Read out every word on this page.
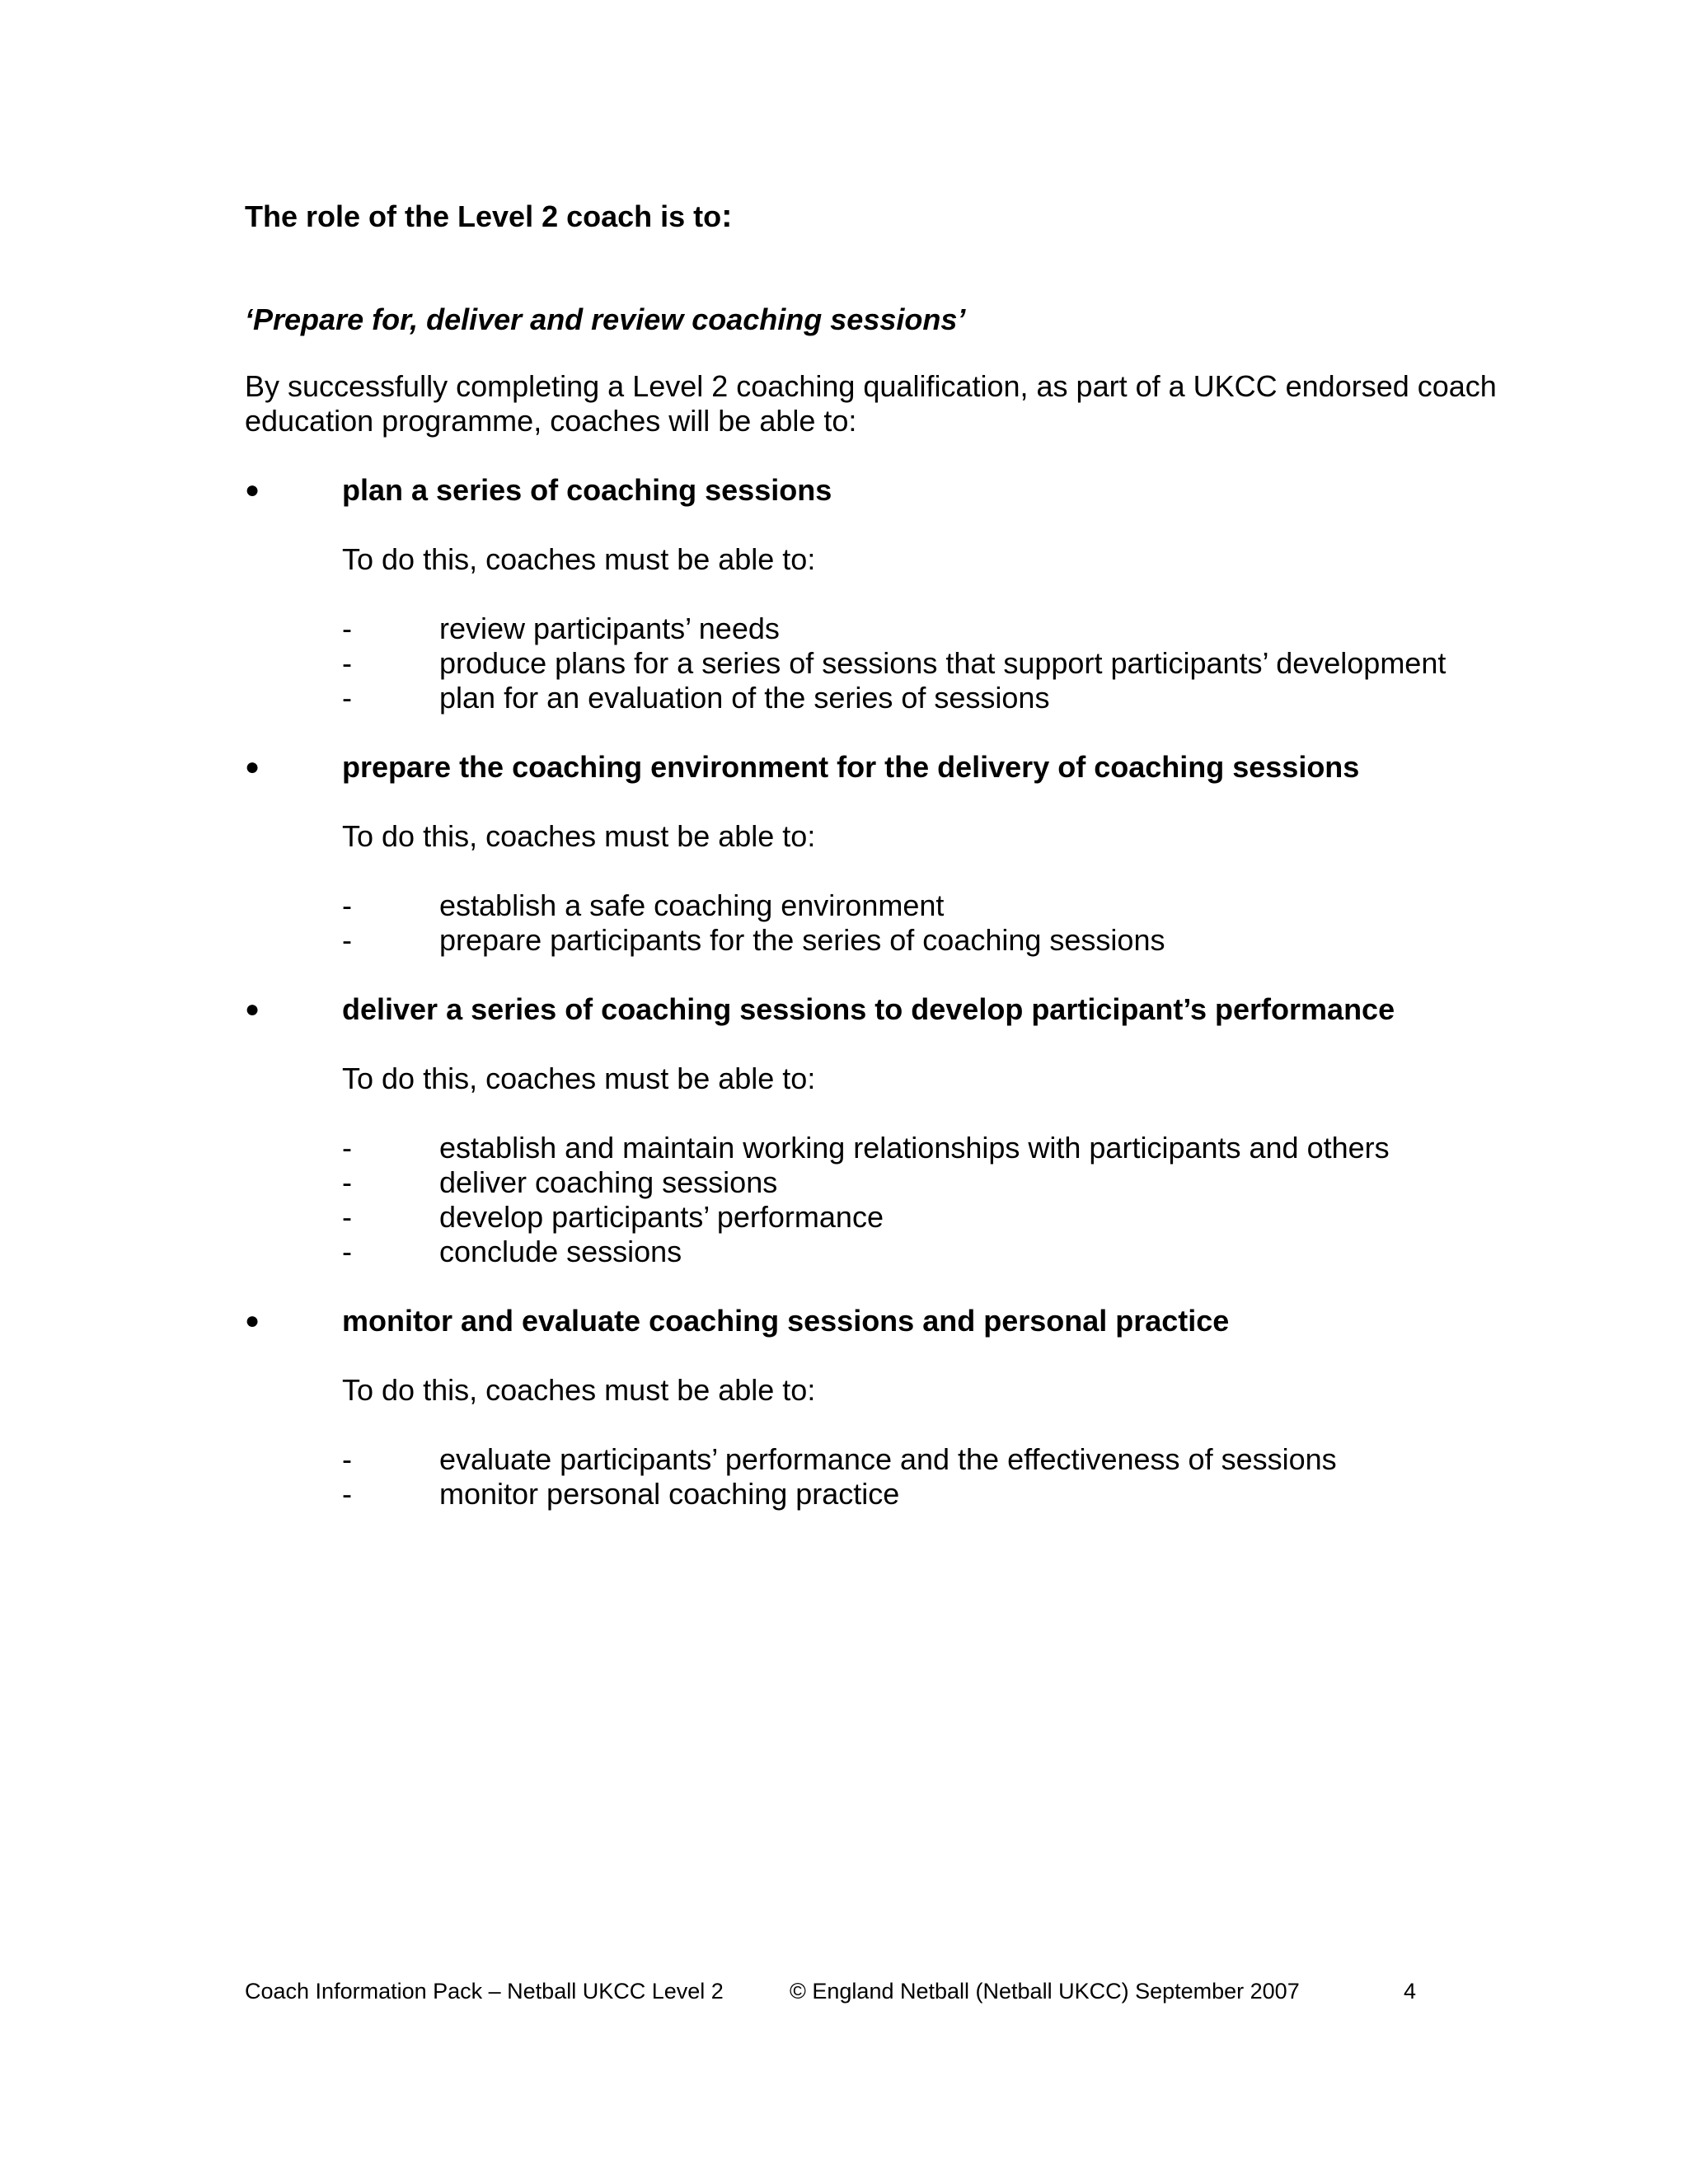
The role of the Level 2 coach is to:
‘Prepare for, deliver and review coaching sessions’

By successfully completing a Level 2 coaching qualification, as part of a UKCC endorsed coach education programme, coaches will be able to:

●	plan a series of coaching sessions
To do this, coaches must be able to:
-	review participants’ needs
-	produce plans for a series of sessions that support participants’ development
-	plan for an evaluation of the series of sessions
●	prepare the coaching environment for the delivery of coaching sessions
To do this, coaches must be able to:
-	establish a safe coaching environment
-	prepare participants for the series of coaching sessions
●	deliver a series of coaching sessions to develop participant’s performance
To do this, coaches must be able to:
-	establish and maintain working relationships with participants and others
-	deliver coaching sessions
-	develop participants’ performance
-	conclude sessions
●	monitor and evaluate coaching sessions and personal practice
To do this, coaches must be able to:
-	evaluate participants’ performance and the effectiveness of sessions
-	monitor personal coaching practice
Coach Information Pack – Netball UKCC Level 2	© England Netball (Netball UKCC) September 2007	4
